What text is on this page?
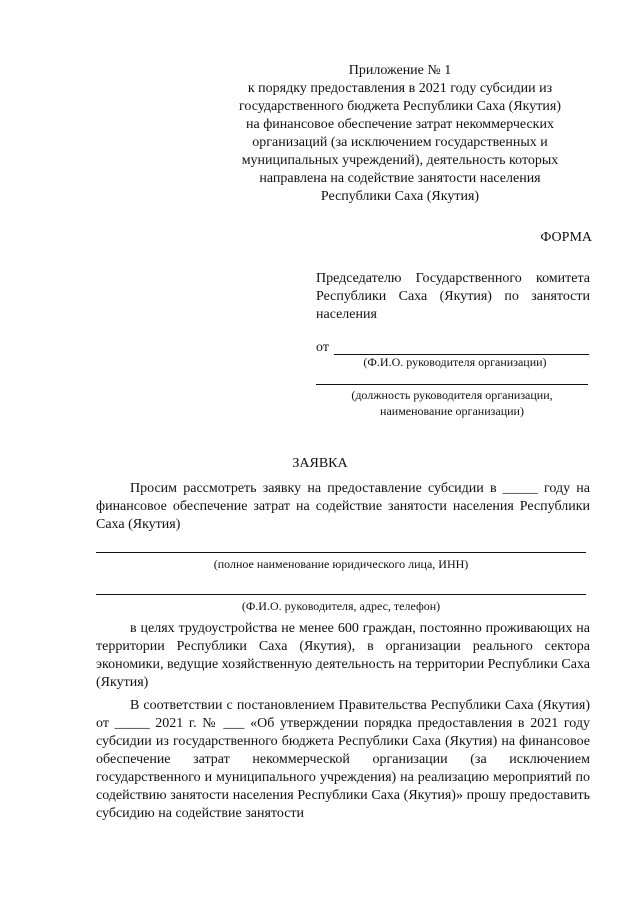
Приложение № 1
к порядку предоставления в 2021 году субсидии из
государственного бюджета Республики Саха (Якутия)
на финансовое обеспечение затрат некоммерческих
организаций (за исключением государственных и
муниципальных учреждений), деятельность которых
направлена на содействие занятости населения
Республики Саха (Якутия)
ФОРМА
Председателю Государственного комитета
Республики Саха (Якутия) по занятости
населения
от
(Ф.И.О. руководителя организации)
(должность руководителя организации,
наименование организации)
ЗАЯВКА
Просим рассмотреть заявку на предоставление субсидии в _____ году на финансовое обеспечение затрат на содействие занятости населения Республики Саха (Якутия)
(полное наименование юридического лица, ИНН)
(Ф.И.О. руководителя, адрес, телефон)
в целях трудоустройства не менее 600 граждан, постоянно проживающих на территории Республики Саха (Якутия), в организации реального сектора экономики, ведущие хозяйственную деятельность на территории Республики Саха (Якутия)
В соответствии с постановлением Правительства Республики Саха (Якутия) от _____ 2021 г. № ___ «Об утверждении порядка предоставления в 2021 году субсидии из государственного бюджета Республики Саха (Якутия) на финансовое обеспечение затрат некоммерческой организации (за исключением государственного и муниципального учреждения) на реализацию мероприятий по содействию занятости населения Республики Саха (Якутия)» прошу предоставить субсидию на содействие занятости
